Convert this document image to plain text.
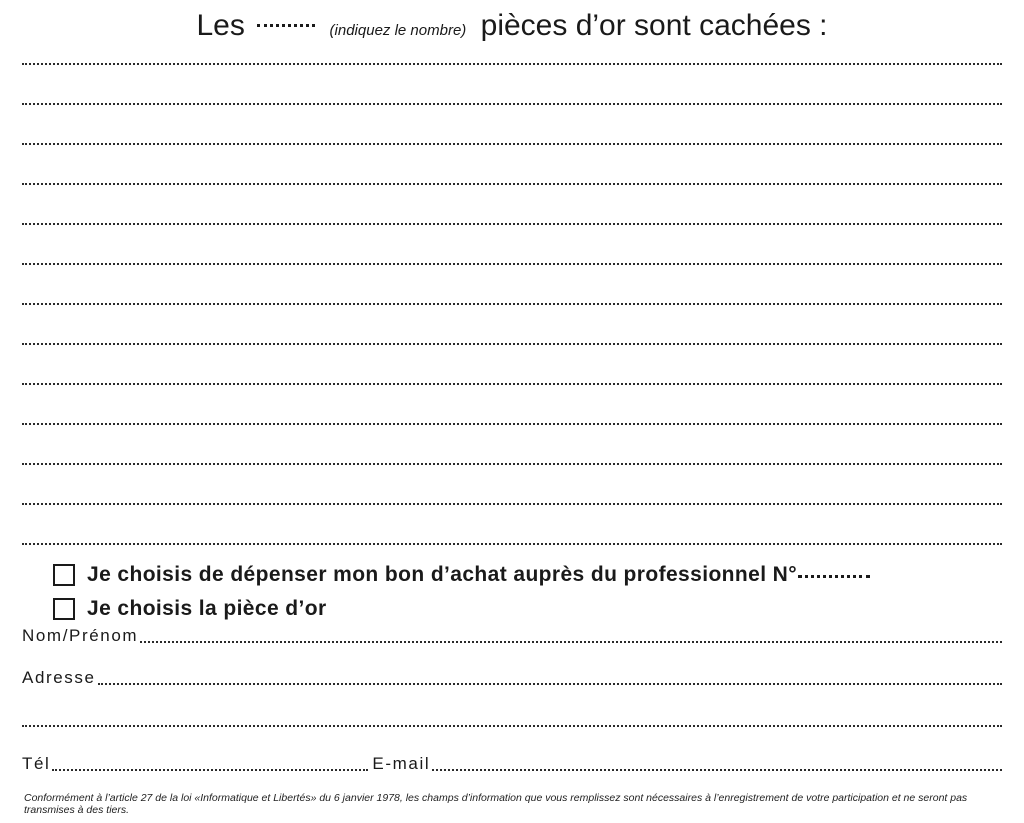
Les	(indiquez le nombre) pièces d’or sont cachées :
Je choisis de dépenser mon bon d’achat auprès du professionnel N°
Je choisis la pièce d’or
Nom/Prénom
Adresse
Tél	E-mail
Conformément à l’article 27 de la loi «Informatique et Libertés» du 6 janvier 1978, les champs d’information que vous remplissez sont nécessaires à l’enregistrement de votre participation et ne seront pas transmises à des tiers.
